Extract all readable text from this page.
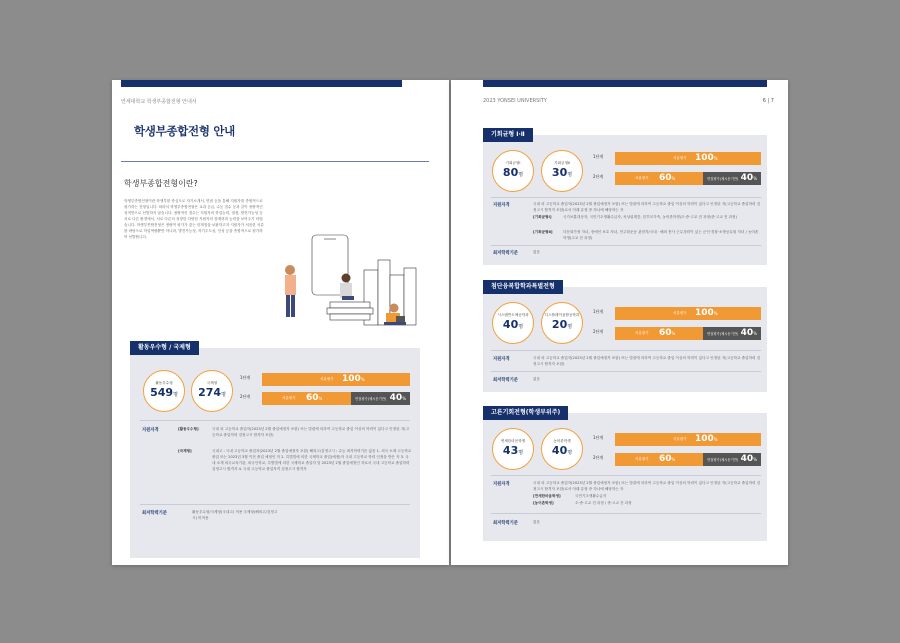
연세대학교 학생부종합전형 안내서
학생부종합전형 안내
학생부종합전형이란?
학생부종합전형이란 학생부를 중심으로 자기소개서, 면접 등을 통해 지원자를 종합적으로 평가하는 전형입니다. 따라서 학생부종합전형은 교과 등급, 수능 점수 등과 같이 정량적인 성적만으로 선발하지 않습니다. 정량적인 점수는 지원자의 학업능력, 열정, 발전가능성 등 서로 다른 환경에서, 서로 다른의 성장한 다양한 지원자의 잠재력과 능력을 보여주기 어렵습니다. 학생부종합전형은 정량적 평가가 갖는 한계점을 보완하고자 지원자가 처음한 서류를 바탕으로 학업역량뿐만 아니라, 발전가능성, 자기주도성, 인성 등을 종합적으로 평가하여 선발합니다.
활동우수형 / 국제형
활동우수형
549명
국제형
274명
1단계	서류평가 100%
2단계	서류평가 60%	면접평가(제시문기반) 40%
지원자격	[활동우수형]	국내 외 고등학교 졸업자(2023년 2월 졸업예정자 포함) 또는 법령에 의하여 고등학교 졸업 이상의 학력이 있다고 인정된 자(고등학교 졸업학력 검정고시 합격자 포함)
[국제형]	국내고 : 국내 고등학교 졸업자(2023년 2월 졸업예정자 포함) 해외고/검정고시 : 수능 최저학력기준 없음 1. 외국 소재 고등학교 졸업 또는 2023년 3월 이전 졸업 예정인 자 2. 특별법에 의한 국제학교 졸업(예정)자 국내 고등학교 학력 인정을 받은 자 3. 국내 소재 외국교육기관, 외국인학교, 특별법에 의한 국제학교 졸업자 및 2023년 2월 졸업예정인 자로서 국내 고등학교 졸업학력 검정고시 합격자 4. 국내 고등학교 졸업자격 검정고시 합격자
최저학력기준	활동우수형/국제형(국내고) 적용 국제형(해외고/검정고시) 미적용
2023 YONSEI UNIVERSITY	6 | 7
기회균형 Ⅰ·Ⅱ
기회균형Ⅰ
80명
기회균형Ⅱ
30명
1단계	서류평가 100%
2단계	서류평가 60%	면접평가(제시문기반) 40%
지원자격	국내 외 고등학교 졸업자(2023년 2월 졸업예정자 포함) 또는 법령에 의하여 고등학교 졸업 이상의 학력이 있다고 인정된 자(고등학교 졸업학력 검정고시 합격자 포함)로서 아래 유형 중 하나에 해당하는 자
[기회균형Ⅰ]	국가보훈대상자, 국민기초생활수급자, 차상위계층, 한부모가족, 농어촌학생(초·중·고교 전 과정/중·고교 전 과정)
[기회균형Ⅱ]	다문화가정 자녀, 장애인 보호 자녀, 민주화운동 관련자/국내 · 해외 봉사 근무경력이 있는 군인·경찰·소방공무원 자녀 / 농어촌학생(고교 전 과정)
최저학력기준	없음
첨단융복합학과특별전형
시스템반도체공학과
40명
디스플레이융합공학과
20명
1단계	서류평가 100%
2단계	서류평가 60%	면접평가(제시문기반) 40%
지원자격	국내 외 고등학교 졸업자(2023년 2월 졸업예정자 포함) 또는 법령에 의하여 고등학교 졸업 이상의 학력이 있다고 인정된 자(고등학교 졸업학력 검정고시 합격자 포함)
최저학력기준	없음
고른기회전형(학생부위주)
연세한마음학생
43명
농어촌학생
40명
1단계	서류평가 100%
2단계	서류평가 60%	면접평가(제시문기반) 40%
지원자격	국내 외 고등학교 졸업자(2023년 2월 졸업예정자 포함) 또는 법령에 의하여 고등학교 졸업 이상의 학력이 있다고 인정된 자(고등학교 졸업학력 검정고시 합격자 포함)로서 아래 유형 중 하나에 해당하는 자
[연세한마음학생]	국민기초생활수급자
[농어촌학생]	초·중·고교 전 과정 / 중·고교 전 과정
최저학력기준	없음
